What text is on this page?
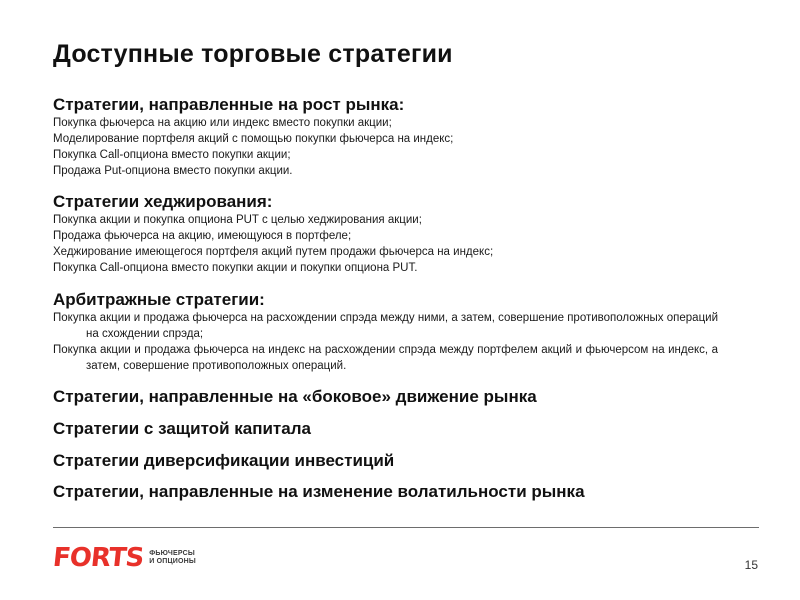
Доступные торговые стратегии
Стратегии, направленные на рост рынка:
Покупка фьючерса на акцию или индекс вместо покупки акции;
Моделирование портфеля акций с помощью покупки фьючерса на индекс;
Покупка Call-опциона вместо покупки акции;
Продажа Put-опциона вместо покупки акции.
Стратегии хеджирования:
Покупка акции и покупка опциона PUT с целью хеджирования акции;
Продажа фьючерса на акцию, имеющуюся в портфеле;
Хеджирование имеющегося портфеля акций путем продажи фьючерса на индекс;
Покупка Call-опциона вместо покупки акции и покупки опциона PUT.
Арбитражные стратегии:
Покупка акции и продажа фьючерса на расхождении спрэда между ними, а затем, совершение противоположных операций на схождении спрэда;
Покупка акции и продажа фьючерса на индекс на расхождении спрэда между портфелем акций и фьючерсом на индекс, а затем, совершение противоположных операций.
Стратегии, направленные на «боковое» движение рынка
Стратегии с защитой капитала
Стратегии диверсификации инвестиций
Стратегии, направленные на изменение волатильности рынка
FORTS ФЬЮЧЕРСЫ
И ОПЦИОНЫ	15
